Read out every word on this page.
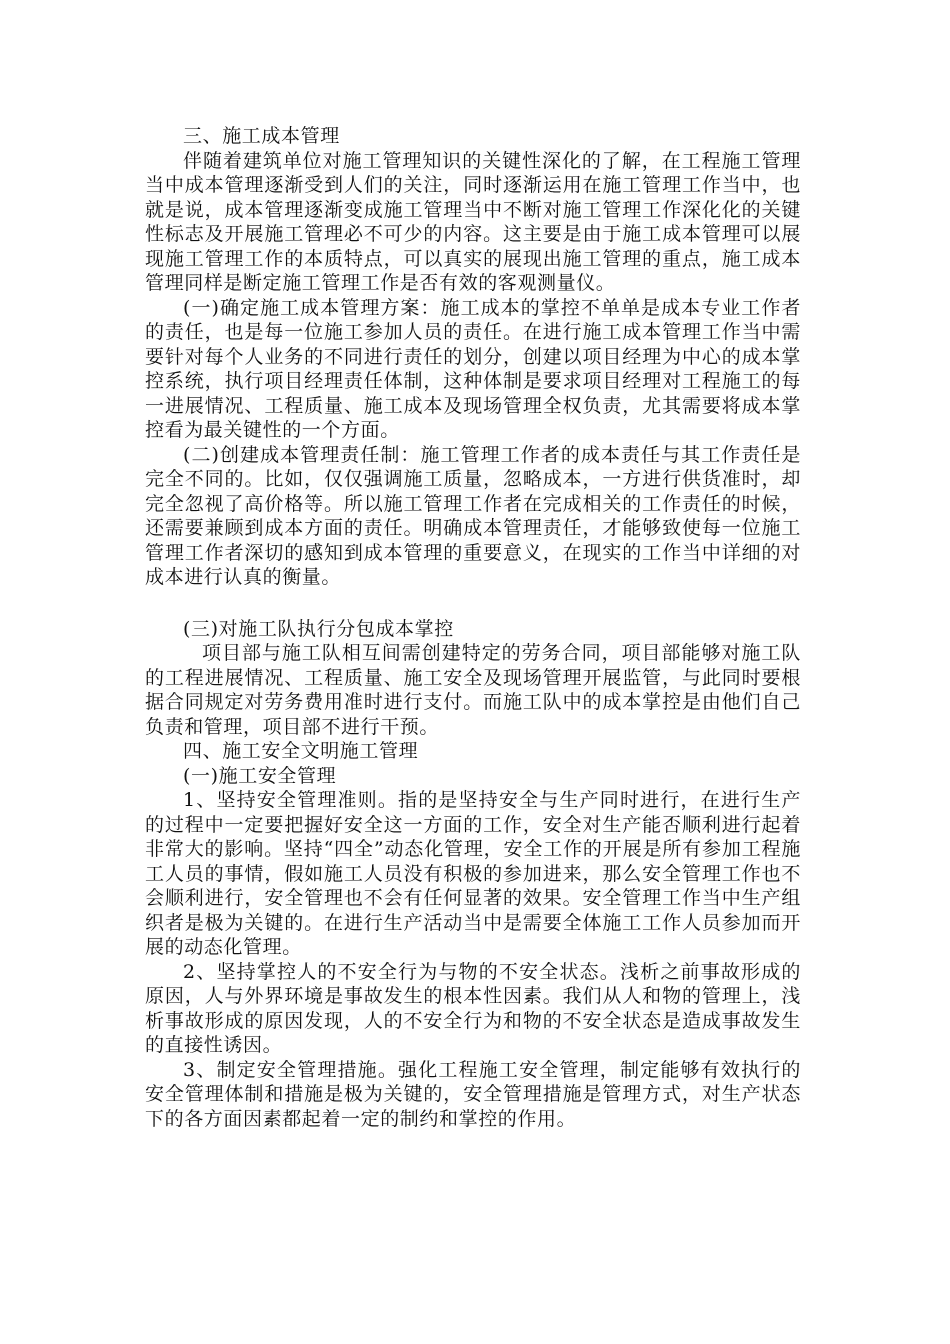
三、施工成本管理

伴随着建筑单位对施工管理知识的关键性深化的了解，在工程施工管理当中成本管理逐渐受到人们的关注，同时逐渐运用在施工管理工作当中，也就是说，成本管理逐渐变成施工管理当中不断对施工管理工作深化化的关键性标志及开展施工管理必不可少的内容。这主要是由于施工成本管理可以展现施工管理工作的本质特点，可以真实的展现出施工管理的重点，施工成本管理同样是断定施工管理工作是否有效的客观测量仪。

(一)确定施工成本管理方案：施工成本的掌控不单单是成本专业工作者的责任，也是每一位施工参加人员的责任。在进行施工成本管理工作当中需要针对每个人业务的不同进行责任的划分，创建以项目经理为中心的成本掌控系统，执行项目经理责任体制，这种体制是要求项目经理对工程施工的每一进展情况、工程质量、施工成本及现场管理全权负责，尤其需要将成本掌控看为最关键性的一个方面。

(二)创建成本管理责任制：施工管理工作者的成本责任与其工作责任是完全不同的。比如，仅仅强调施工质量，忽略成本，一方进行供货准时，却完全忽视了高价格等。所以施工管理工作者在完成相关的工作责任的时候，还需要兼顾到成本方面的责任。明确成本管理责任，才能够致使每一位施工管理工作者深切的感知到成本管理的重要意义，在现实的工作当中详细的对成本进行认真的衡量。

(三)对施工队执行分包成本掌控

项目部与施工队相互间需创建特定的劳务合同，项目部能够对施工队的工程进展情况、工程质量、施工安全及现场管理开展监管，与此同时要根据合同规定对劳务费用准时进行支付。而施工队中的成本掌控是由他们自己负责和管理，项目部不进行干预。

四、施工安全文明施工管理

(一)施工安全管理

1、坚持安全管理准则。指的是坚持安全与生产同时进行，在进行生产的过程中一定要把握好安全这一方面的工作，安全对生产能否顺利进行起着非常大的影响。坚持“四全”动态化管理，安全工作的开展是所有参加工程施工人员的事情，假如施工人员没有积极的参加进来，那么安全管理工作也不会顺利进行，安全管理也不会有任何显著的效果。安全管理工作当中生产组织者是极为关键的。在进行生产活动当中是需要全体施工工作人员参加而开展的动态化管理。

2、坚持掌控人的不安全行为与物的不安全状态。浅析之前事故形成的原因，人与外界环境是事故发生的根本性因素。我们从人和物的管理上，浅析事故形成的原因发现，人的不安全行为和物的不安全状态是造成事故发生的直接性诱因。

3、制定安全管理措施。强化工程施工安全管理，制定能够有效执行的安全管理体制和措施是极为关键的，安全管理措施是管理方式，对生产状态下的各方面因素都起着一定的制约和掌控的作用。
